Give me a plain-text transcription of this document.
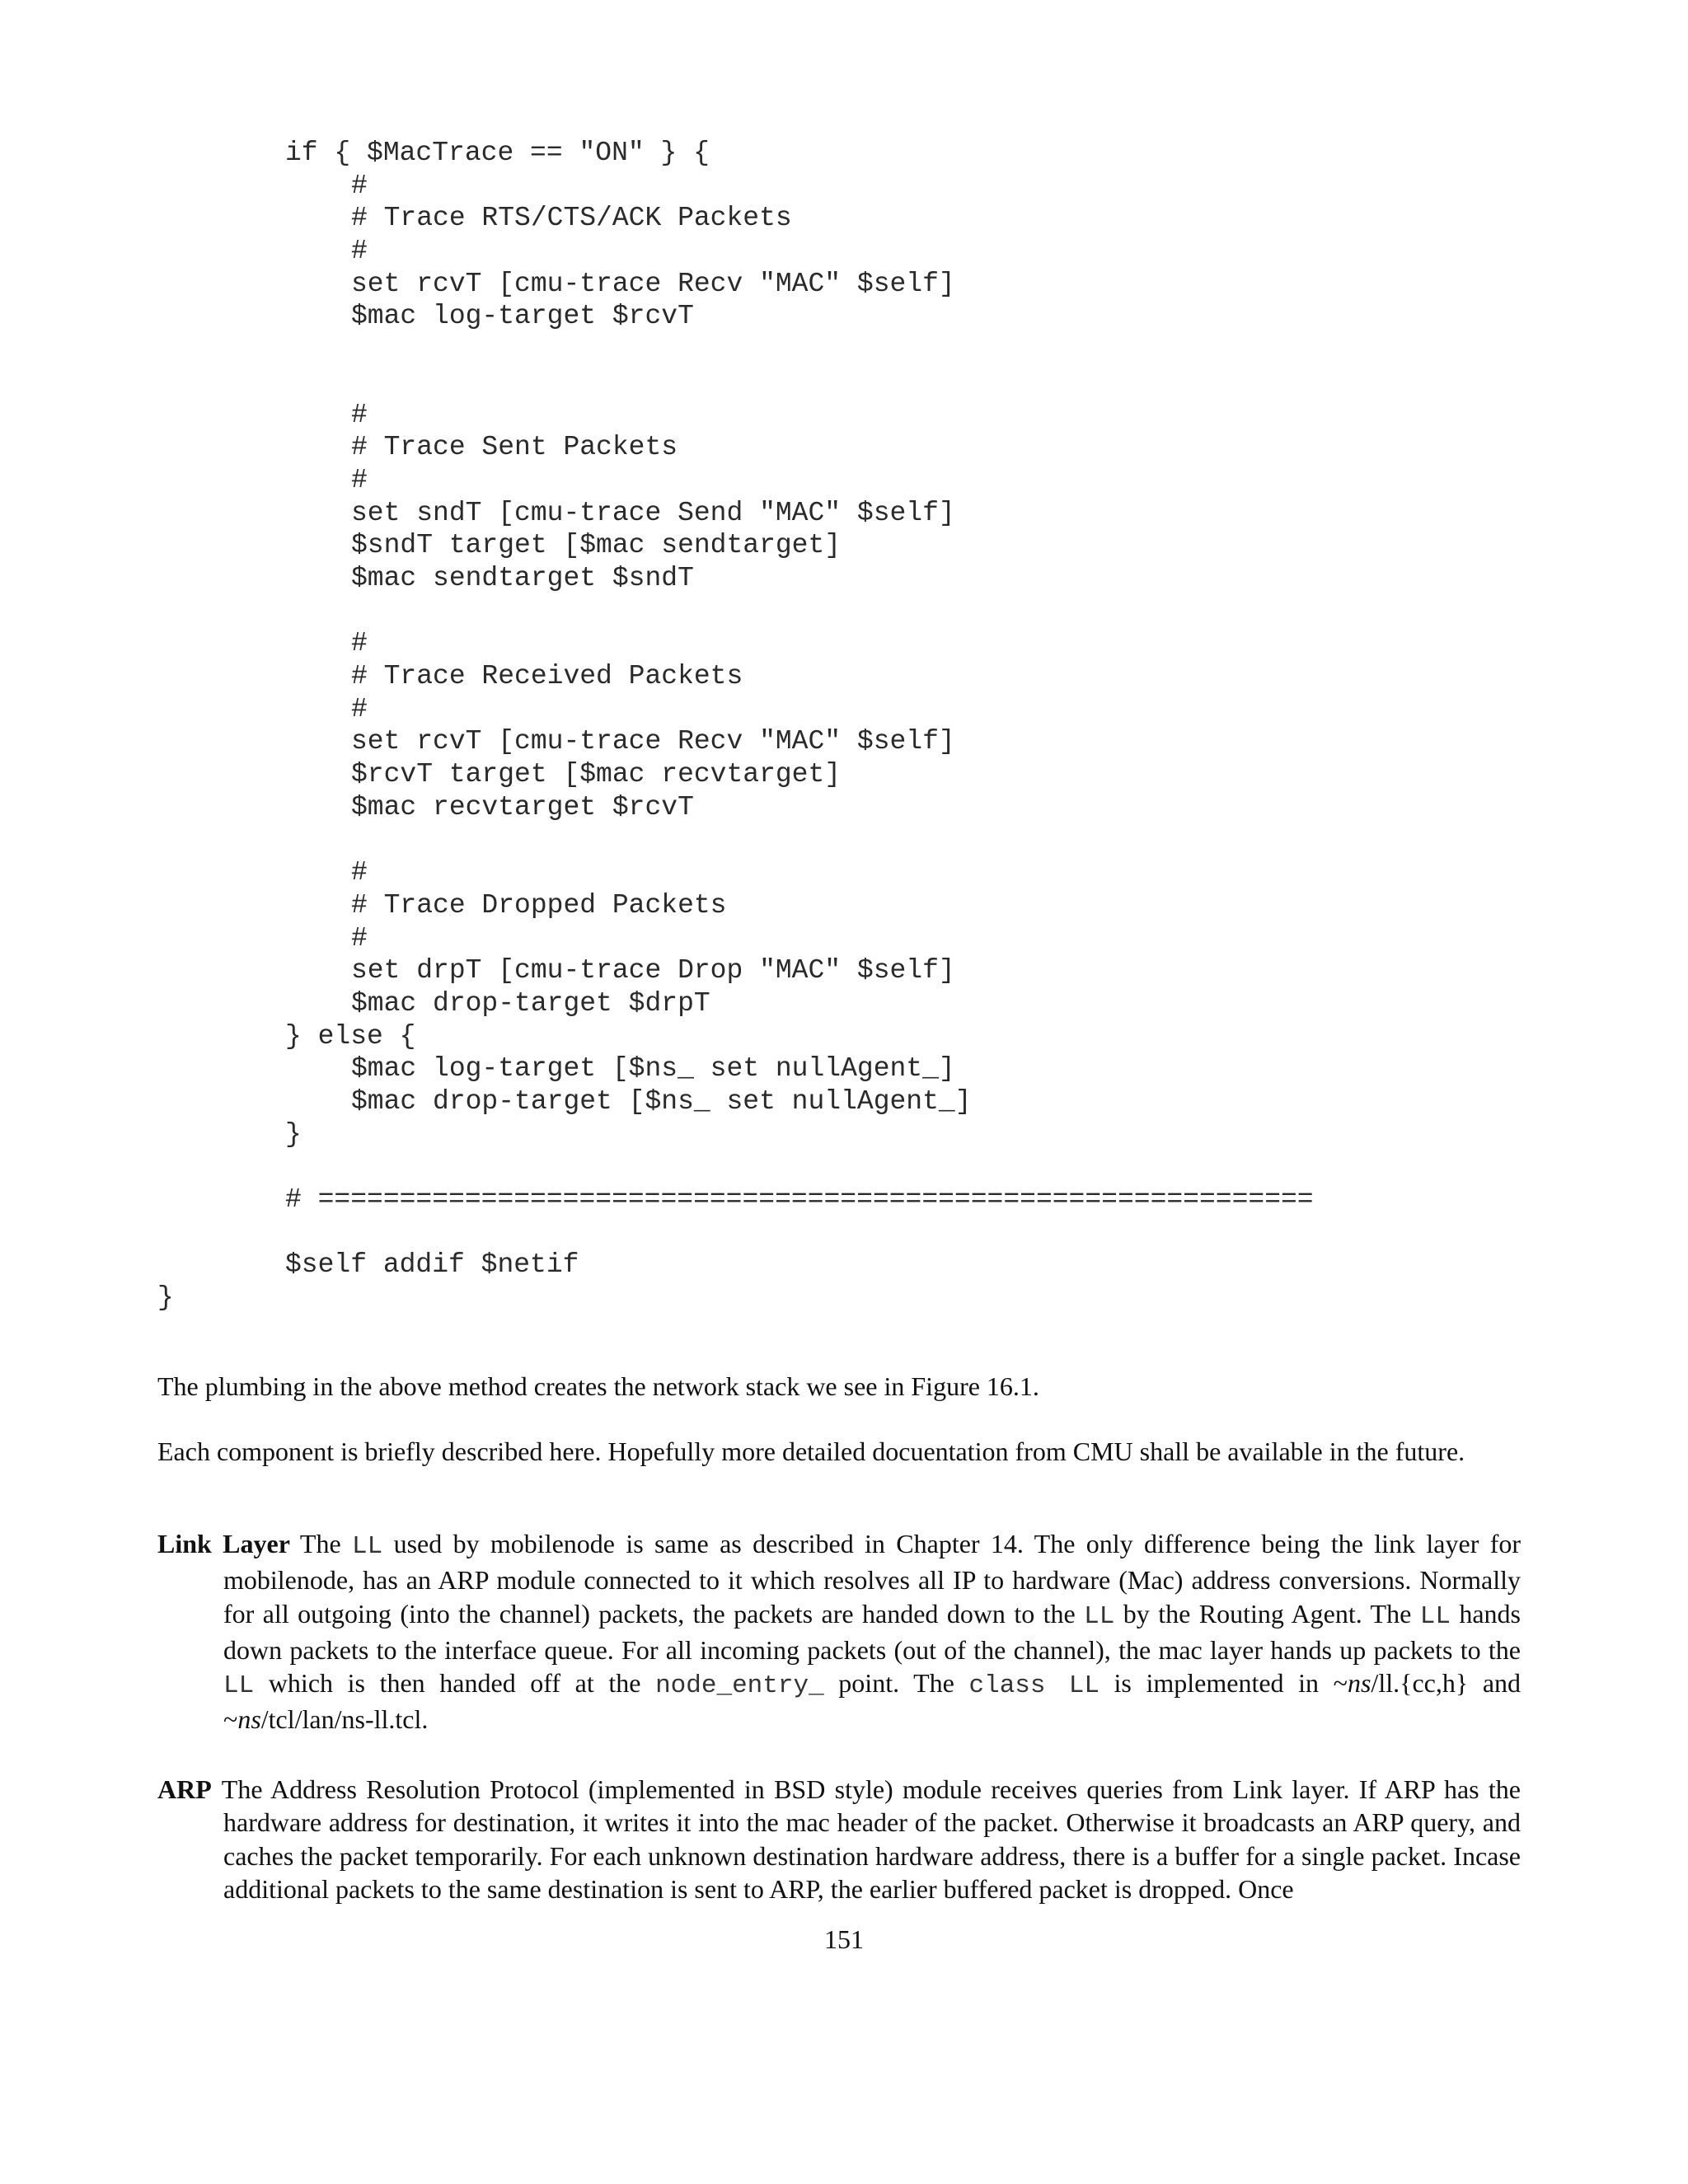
if { $MacTrace == "ON" } {
#
# Trace RTS/CTS/ACK Packets
#
set rcvT [cmu-trace Recv "MAC" $self]
$mac log-target $rcvT
#
# Trace Sent Packets
#
set sndT [cmu-trace Send "MAC" $self]
$sndT target [$mac sendtarget]
$mac sendtarget $sndT
#
# Trace Received Packets
#
set rcvT [cmu-trace Recv "MAC" $self]
$rcvT target [$mac recvtarget]
$mac recvtarget $rcvT
#
# Trace Dropped Packets
#
set drpT [cmu-trace Drop "MAC" $self]
$mac drop-target $drpT
} else {
$mac log-target [$ns_ set nullAgent_]
$mac drop-target [$ns_ set nullAgent_]
}
# =============================================================
$self addif $netif
}
The plumbing in the above method creates the network stack we see in Figure 16.1.
Each component is briefly described here. Hopefully more detailed docuentation from CMU shall be available in the future.
Link Layer The LL used by mobilenode is same as described in Chapter 14. The only difference being the link layer for mobilenode, has an ARP module connected to it which resolves all IP to hardware (Mac) address conversions. Normally for all outgoing (into the channel) packets, the packets are handed down to the LL by the Routing Agent. The LL hands down packets to the interface queue. For all incoming packets (out of the channel), the mac layer hands up packets to the LL which is then handed off at the node_entry_ point. The class LL is implemented in ~ns/ll.{cc,h} and ~ns/tcl/lan/ns-ll.tcl.
ARP The Address Resolution Protocol (implemented in BSD style) module receives queries from Link layer. If ARP has the hardware address for destination, it writes it into the mac header of the packet. Otherwise it broadcasts an ARP query, and caches the packet temporarily. For each unknown destination hardware address, there is a buffer for a single packet. Incase additional packets to the same destination is sent to ARP, the earlier buffered packet is dropped. Once
151
